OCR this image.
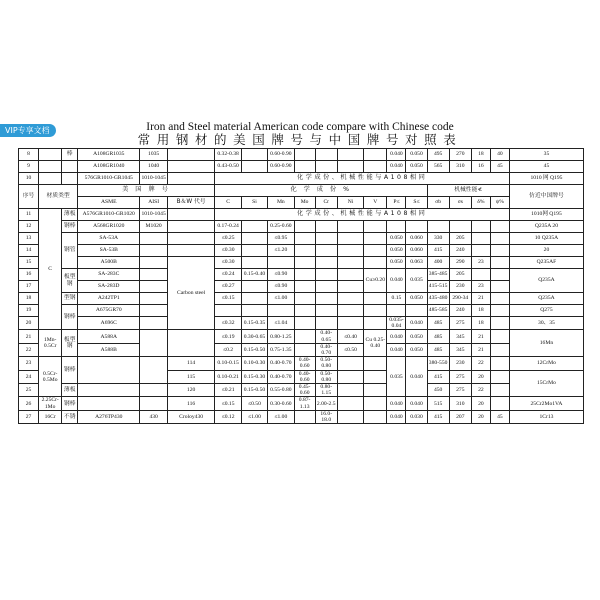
VIP专享文档	Iron and Steel material American code compare with Chinese code
常用钢材的美国牌号与中国牌号对照表
8		棒	A108GR1035	1035		0.32-0.38		0.60-0.90					0.040	0.050	495	270	18	40	35
9			A108GR1040	1040		0.43-0.50		0.60-0.90					0.040	0.050	565	310	16	45	45
10			576GR1010-GR1045	1010-1045		化学成份、机械性能与A108相同													1010 网 Q195
序号	材质类型		美 国 牌 号			化 学 成 份 %									机械性能≮				仿近中国牌号
			ASME	AISI	B＆W 代号	C	Si	Mn	Mo	Cr	Ni	V	P≤	S≤	σb	σs	δ%	ψ%	
11	C	薄板	A576GR1010-GR1020	1010-1045		化学成份、机械性能与A108相同													1010网 Q195
12		钢棒	A568GR1020	M1020		0.17-0.24		0.25-0.60											Q235A 20
13		钢管	SA-53A			≤0.25		≤0.95					0.050	0.060	330	205			10 Q235A
14			SA-53B			≤0.30		≤1.20					0.050	0.060	415	240			20
15			A500B		Carbon steel	≤0.30							0.050	0.063	400	290	23		Q235AF
16		板型钢	SA-283C			≤0.24	0.15-0.40	≤0.90				Cu≥0.20	0.040	0.035	385-485	205			Q235A
17			SA-283D			≤0.27		≤0.90							415-515	230	23		
18		型钢	A242TP1			≤0.15		≤1.00					0.15	0.050	435-480	290-34	21		Q235A
19		钢棒	A675GR70												485-585	240	18		Q275
20			A696C			≤0.32	0.15-0.35	≤1.04					0.035-0.04	0.040	485	275	18		30、35
21	1Mn-0.5Cr	板型钢	A588A			≤0.19	0.30-0.65	0.80-1.25		0.40-0.65	≤0.40	Cu 0.25-0.40	0.040	0.050	485	345	21		16Mn
22			A588B			≤0.2	0.15-0.50	0.75-1.35		0.40-0.70	≤0.50		0.040	0.050	485	345	21		
23	0.5Cr-0.5Mo	钢棒			114	0.10-0.15	0.10-0.30	0.40-0.70	0.40-0.60	0.50-0.80			0.035	0.040	380-550	230	22		12CrMo
24					115	0.10-0.21	0.15-0.30	0.40-0.70	0.40-0.60	0.50-0.80					415	275	20		15CrMo
25		薄板			120	≤0.21	0.15-0.50	0.55-0.80	0.45-0.60	0.80-1.15					450	275	22		
26	2.25Cr-1Mo	钢棒			116	≤0.15	≤0.50	0.30-0.60	0.87-1.13	2.00-2.5			0.040	0.040	515	310	20		25Cr2Mo1VA
27	16Cr	不锈	A276TP430	430	Croloy430	≤0.12	≤1.00	≤1.00		16.0-18.0			0.040	0.030	415	207	20	45	1Cr13
